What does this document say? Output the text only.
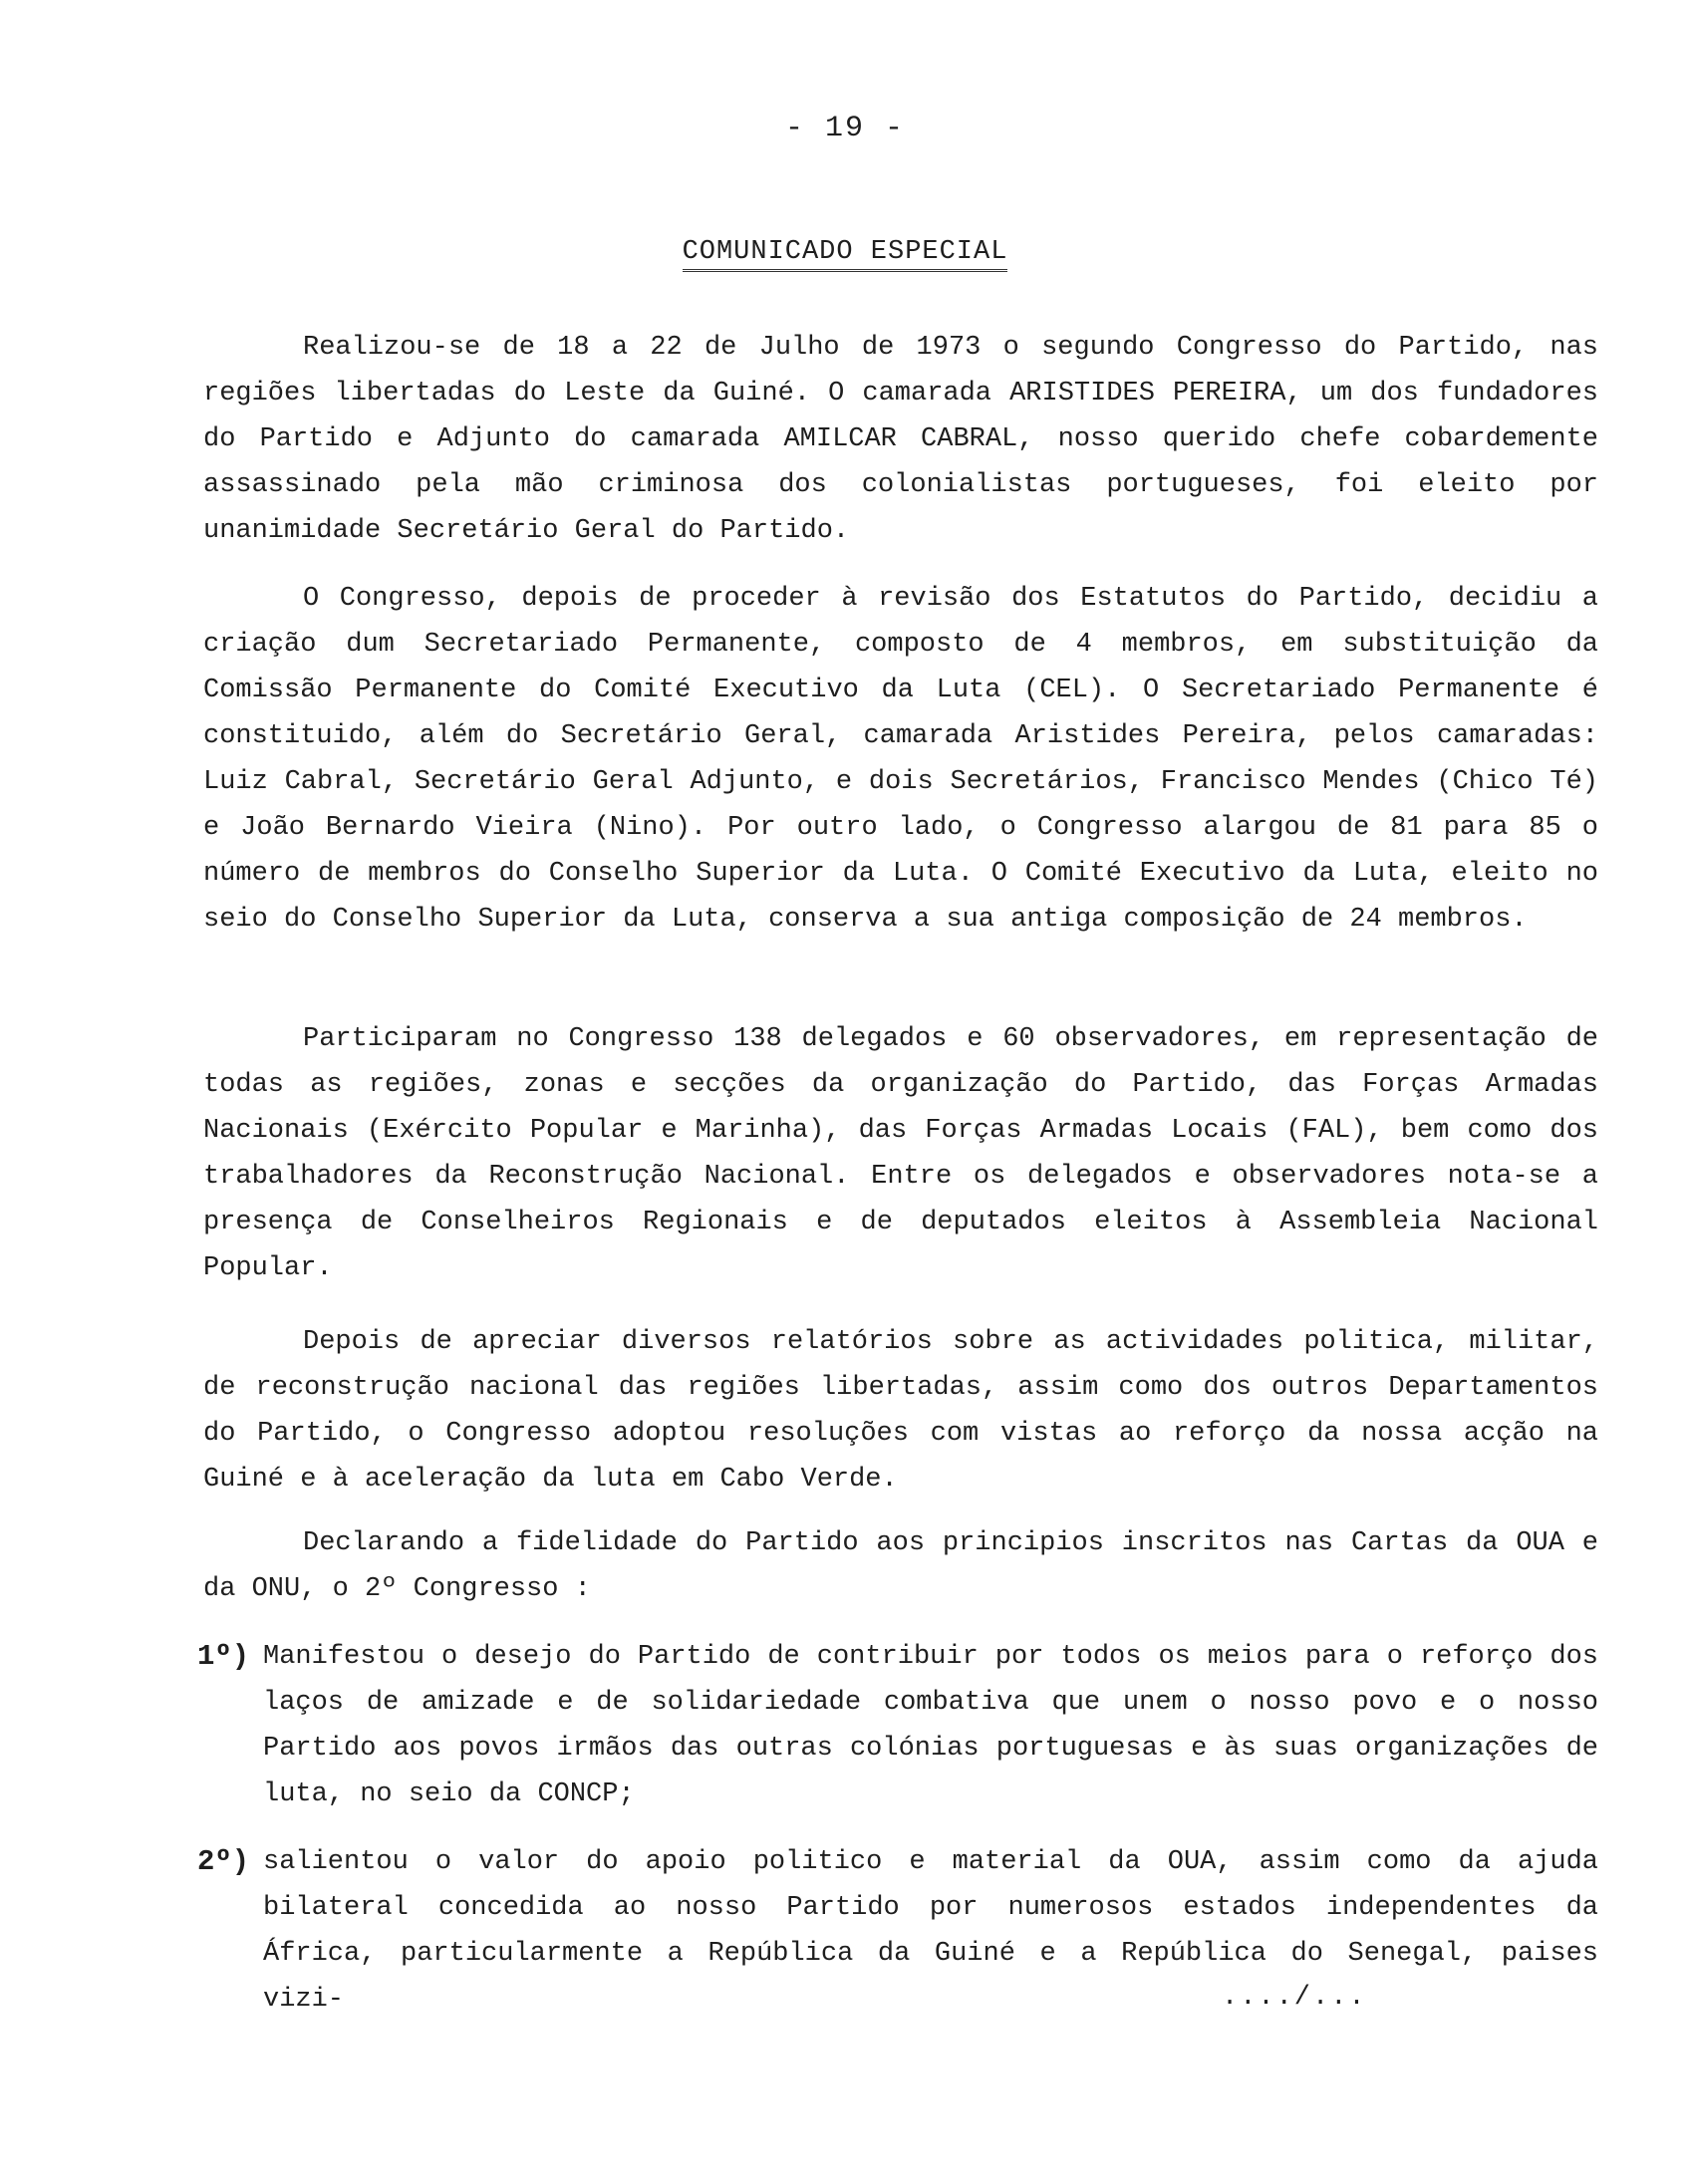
- 19 -
COMUNICADO ESPECIAL

Realizou-se de 18 a 22 de Julho de 1973 o segundo Congresso do Partido, nas regiões libertadas do Leste da Guiné. O camarada ARISTIDES PEREIRA, um dos fundadores do Partido e Adjunto do camarada AMILCAR CABRAL, nosso querido chefe cobardemente assassinado pela mão criminosa dos colonialistas portugueses, foi eleito por unanimidade Secretário Geral do Partido.

O Congresso, depois de proceder à revisão dos Estatutos do Partido, decidiu a criação dum Secretariado Permanente, composto de 4 membros, em substituição da Comissão Permanente do Comité Executivo da Luta (CEL). O Secretariado Permanente é constituido, além do Secretário Geral, camarada Aristides Pereira, pelos camaradas: Luiz Cabral, Secretário Geral Adjunto, e dois Secretários, Francisco Mendes (Chico Té) e João Bernardo Vieira (Nino). Por outro lado, o Congresso alargou de 81 para 85 o número de membros do Conselho Superior da Luta. O Comité Executivo da Luta, eleito no seio do Conselho Superior da Luta, conserva a sua antiga composição de 24 membros.

Participaram no Congresso 138 delegados e 60 observadores, em representação de todas as regiões, zonas e secções da organização do Partido, das Forças Armadas Nacionais (Exército Popular e Marinha), das Forças Armadas Locais (FAL), bem como dos trabalhadores da Reconstrução Nacional. Entre os delegados e observadores nota-se a presença de Conselheiros Regionais e de deputados eleitos à Assembleia Nacional Popular.

Depois de apreciar diversos relatórios sobre as actividades politica, militar, de reconstrução nacional das regiões libertadas, assim como dos outros Departamentos do Partido, o Congresso adoptou resoluções com vistas ao reforço da nossa acção na Guiné e à aceleração da luta em Cabo Verde.

Declarando a fidelidade do Partido aos principios inscritos nas Cartas da OUA e da ONU, o 2º Congresso :

1º) Manifestou o desejo do Partido de contribuir por todos os meios para o reforço dos laços de amizade e de solidariedade combativa que unem o nosso povo e o nosso Partido aos povos irmãos das outras colónias portuguesas e às suas organizações de luta, no seio da CONCP;
2º) salientou o valor do apoio politico e material da OUA, assim como da ajuda bilateral concedida ao nosso Partido por numerosos estados independentes da África, particularmente a República da Guiné e a República do Senegal, paises vizi-	..../...
